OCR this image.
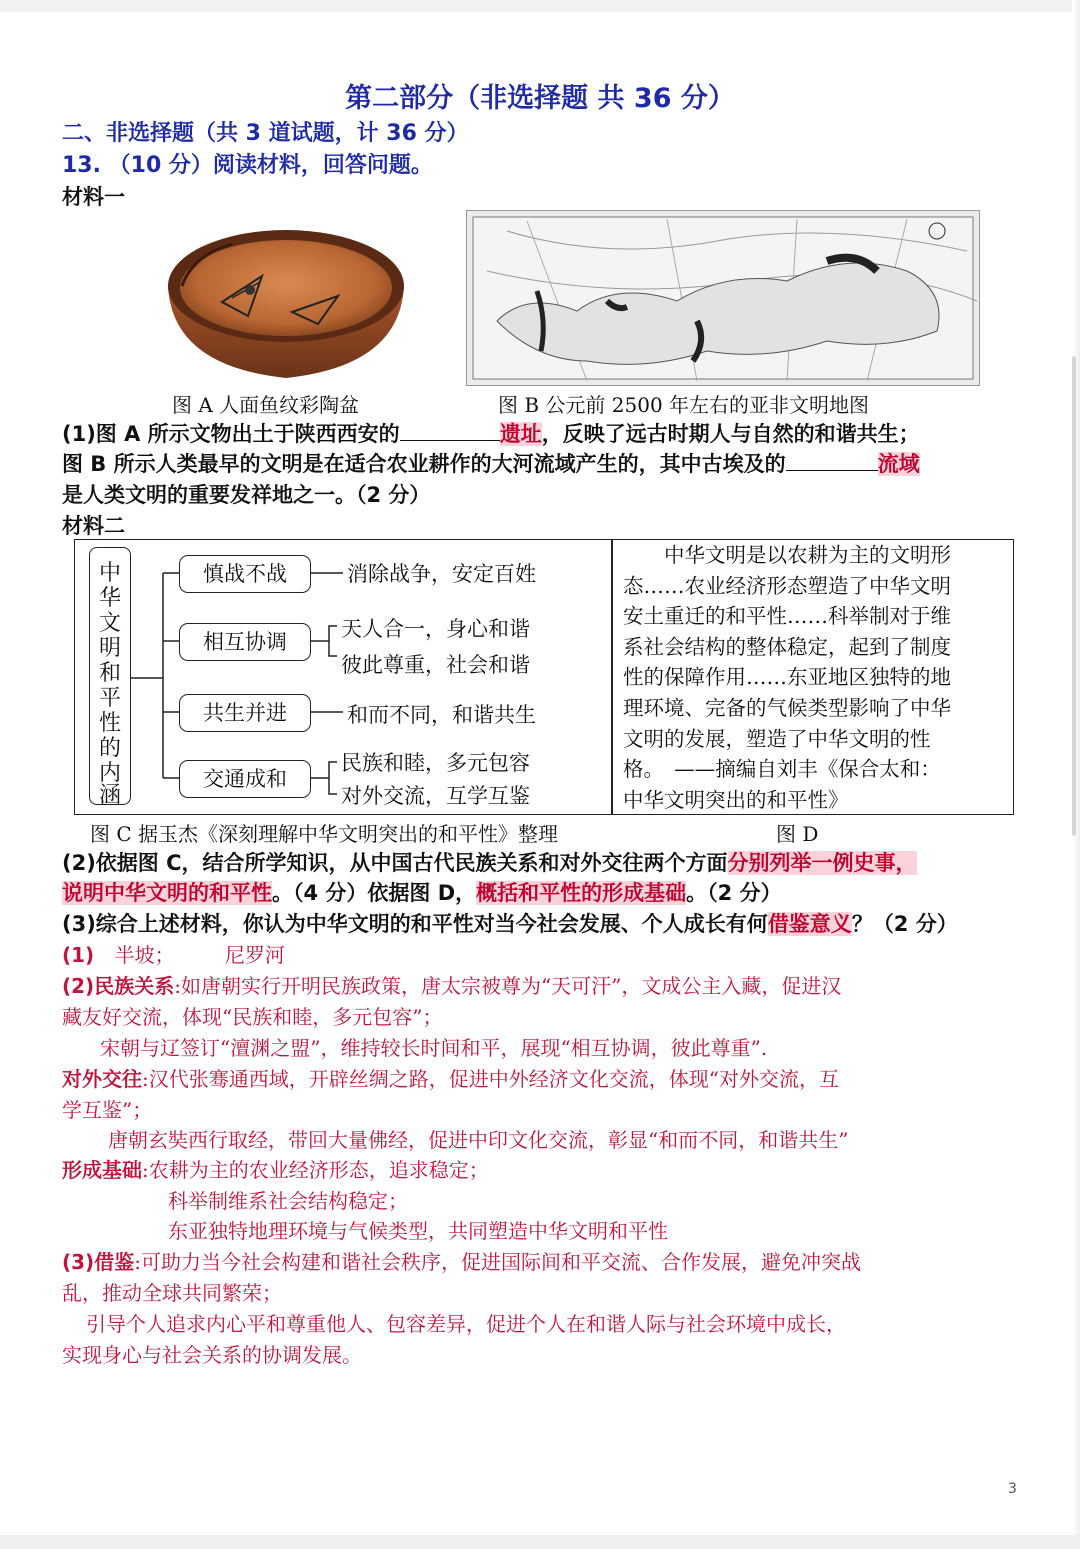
第二部分（非选择题 共 36 分）
二、非选择题（共 3 道试题，计 36 分）
13. （10 分）阅读材料，回答问题。
材料一
图 A 人面鱼纹彩陶盆	图 B 公元前 2500 年左右的亚非文明地图
(1)图 A 所示文物出土于陕西西安的	遗址，反映了远古时期人与自然的和谐共生；
图 B 所示人类最早的文明是在适合农业耕作的大河流域产生的，其中古埃及的	流域
是人类文明的重要发祥地之一。（2 分）
材料二
中
华
文
明
和
平
性
的
内
涵
慎战不战
相互协调
共生并进
交通成和
消除战争，安定百姓
天人合一，身心和谐
彼此尊重，社会和谐
和而不同，和谐共生
民族和睦，多元包容
对外交流，互学互鉴
　　中华文明是以农耕为主的文明形
态……农业经济形态塑造了中华文明
安土重迁的和平性……科举制对于维
系社会结构的整体稳定，起到了制度
性的保障作用……东亚地区独特的地
理环境、完备的气候类型影响了中华
文明的发展，塑造了中华文明的性
格。　——摘编自刘丰《保合太和：
中华文明突出的和平性》
图 C 据玉杰《深刻理解中华文明突出的和平性》整理	图 D
(2)依据图 C，结合所学知识，从中国古代民族关系和对外交往两个方面分别列举一例史事，
说明中华文明的和平性。（4 分）依据图 D，概括和平性的形成基础。（2 分）
(3)综合上述材料，你认为中华文明的和平性对当今社会发展、个人成长有何借鉴意义？（2 分）
(1) 半坡；	尼罗河
(2)民族关系:如唐朝实行开明民族政策，唐太宗被尊为“天可汗”，文成公主入藏，促进汉
藏友好交流，体现“民族和睦，多元包容”；
宋朝与辽签订“澶渊之盟”，维持较长时间和平，展现“相互协调，彼此尊重”.
对外交往:汉代张骞通西域，开辟丝绸之路，促进中外经济文化交流，体现“对外交流，互
学互鉴”；
唐朝玄奘西行取经，带回大量佛经，促进中印文化交流，彰显“和而不同，和谐共生”
形成基础:农耕为主的农业经济形态，追求稳定；
科举制维系社会结构稳定；
东亚独特地理环境与气候类型，共同塑造中华文明和平性
(3)借鉴:可助力当今社会构建和谐社会秩序，促进国际间和平交流、合作发展，避免冲突战
乱，推动全球共同繁荣；
引导个人追求内心平和尊重他人、包容差异，促进个人在和谐人际与社会环境中成长，
实现身心与社会关系的协调发展。
3
